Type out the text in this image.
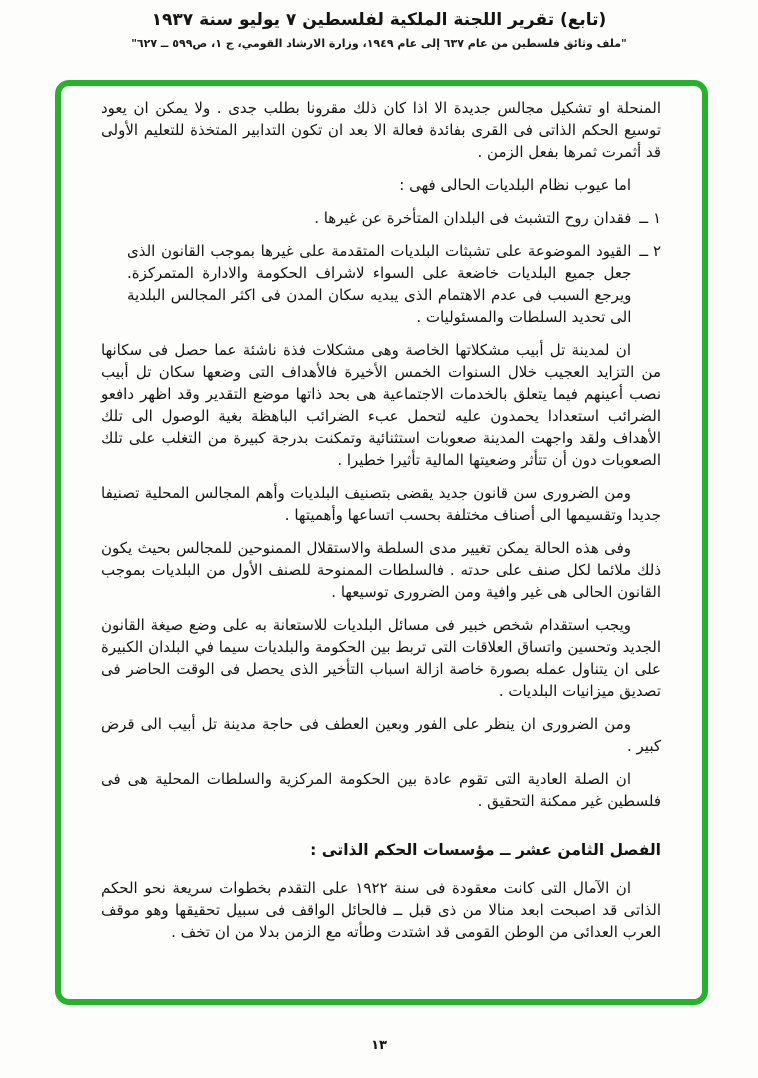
(تابع) تقرير اللجنة الملكية لفلسطين ٧ يوليو سنة ١٩٣٧
"ملف وثائق فلسطين من عام ٦٣٧ إلى عام ١٩٤٩، وزارة الارشاد القومي، ج ١، ص٥٩٩ ــ ٦٢٧"

المنحلة او تشكيل مجالس جديدة الا اذا كان ذلك مقرونا بطلب جدى . ولا يمكن ان يعود توسيع الحكم الذاتى فى القرى بفائدة فعالة الا بعد ان تكون التدابير المتخذة للتعليم الأولى قد أثمرت ثمرها بفعل الزمن .

اما عيوب نظام البلديات الحالى فهى :

١ ــ
فقدان روح التشبث فى البلدان المتأخرة عن غيرها .
٢ ــ
القيود الموضوعة على تشبثات البلديات المتقدمة على غيرها بموجب القانون الذى جعل جميع البلديات خاضعة على السواء لاشراف الحكومة والادارة المتمركزة. ويرجع السبب فى عدم الاهتمام الذى يبديه سكان المدن فى اكثر المجالس البلدية الى تحديد السلطات والمسئوليات .

ان لمدينة تل أبيب مشكلاتها الخاصة وهى مشكلات فذة ناشئة عما حصل فى سكانها من التزايد العجيب خلال السنوات الخمس الأخيرة فالأهداف التى وضعها سكان تل أبيب نصب أعينهم فيما يتعلق بالخدمات الاجتماعية هى بحد ذاتها موضع التقدير وقد اظهر دافعو الضرائب استعدادا يحمدون عليه لتحمل عبء الضرائب الباهظة بغية الوصول الى تلك الأهداف ولقد واجهت المدينة صعوبات استثنائية وتمكنت بدرجة كبيرة من التغلب على تلك الصعوبات دون أن تتأثر وضعيتها المالية تأثيرا خطيرا .

ومن الضرورى سن قانون جديد يقضى بتصنيف البلديات وأهم المجالس المحلية تصنيفا جديدا وتقسيمها الى أصناف مختلفة بحسب اتساعها وأهميتها .

وفى هذه الحالة يمكن تغيير مدى السلطة والاستقلال الممنوحين للمجالس بحيث يكون ذلك ملائما لكل صنف على حدته . فالسلطات الممنوحة للصنف الأول من البلديات بموجب القانون الحالى هى غير وافية ومن الضرورى توسيعها .

ويجب استقدام شخص خبير فى مسائل البلديات للاستعانة به على وضع صيغة القانون الجديد وتحسين واتساق العلاقات التى تربط بين الحكومة والبلديات سيما في البلدان الكبيرة على ان يتناول عمله بصورة خاصة ازالة اسباب التأخير الذى يحصل فى الوقت الحاضر فى تصديق ميزانيات البلديات .

ومن الضرورى ان ينظر على الفور وبعين العطف فى حاجة مدينة تل أبيب الى قرض كبير .

ان الصلة العادية التى تقوم عادة بين الحكومة المركزية والسلطات المحلية هى فى فلسطين غير ممكنة التحقيق .

الفصل الثامن عشر ــ مؤسسات الحكم الذاتى :

ان الآمال التى كانت معقودة فى سنة ١٩٢٢ على التقدم بخطوات سريعة نحو الحكم الذاتى قد اصبحت ابعد منالا من ذى قبل ــ فالحائل الواقف فى سبيل تحقيقها وهو موقف العرب العدائى من الوطن القومى قد اشتدت وطأته مع الزمن بدلا من ان تخف .

١٣
